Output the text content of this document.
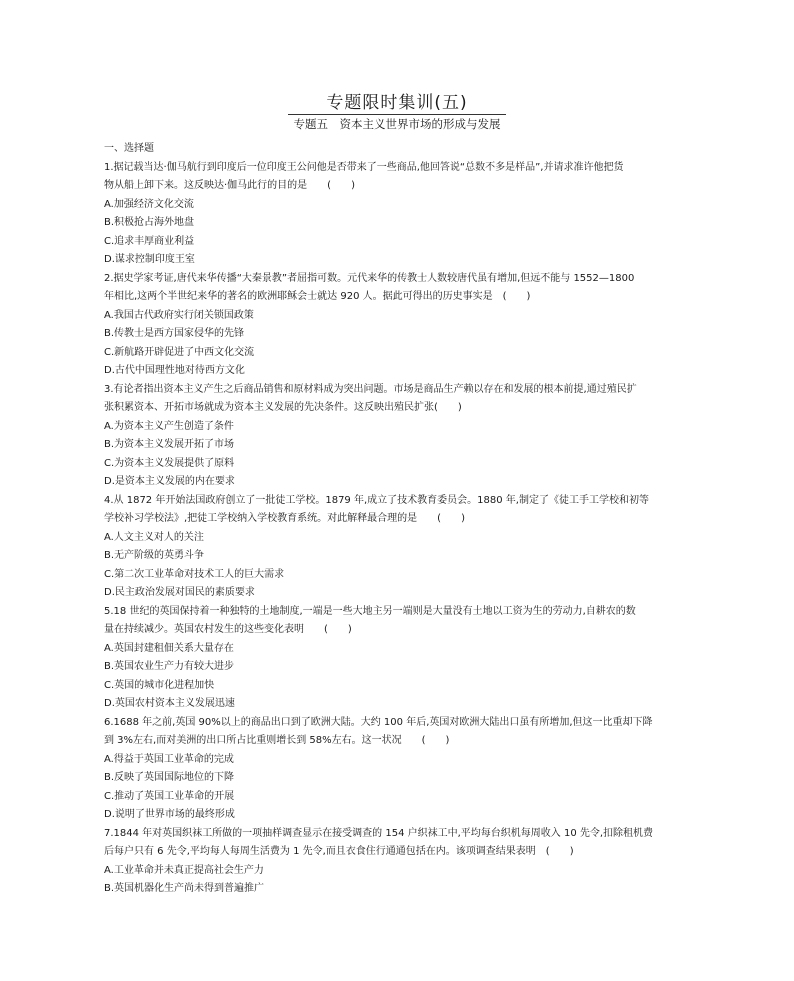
专题限时集训(五)
专题五　资本主义世界市场的形成与发展
一、选择题
1.据记载当达·伽马航行到印度后一位印度王公问他是否带来了一些商品,他回答说“总数不多是样品”,并请求准许他把货
物从船上卸下来。这反映达·伽马此行的目的是　　(　　)
A.加强经济文化交流
B.积极抢占海外地盘
C.追求丰厚商业利益
D.谋求控制印度王室
2.据史学家考证,唐代来华传播“大秦景教”者屈指可数。元代来华的传教士人数较唐代虽有增加,但远不能与 1552—1800
年相比,这两个半世纪来华的著名的欧洲耶稣会士就达 920 人。据此可得出的历史事实是　(　　)
A.我国古代政府实行闭关锁国政策
B.传教士是西方国家侵华的先锋
C.新航路开辟促进了中西文化交流
D.古代中国理性地对待西方文化
3.有论者指出资本主义产生之后商品销售和原材料成为突出问题。市场是商品生产赖以存在和发展的根本前提,通过殖民扩
张积累资本、开拓市场就成为资本主义发展的先决条件。这反映出殖民扩张(　　)
A.为资本主义产生创造了条件
B.为资本主义发展开拓了市场
C.为资本主义发展提供了原料
D.是资本主义发展的内在要求
4.从 1872 年开始法国政府创立了一批徒工学校。1879 年,成立了技术教育委员会。1880 年,制定了《徒工手工学校和初等
学校补习学校法》,把徒工学校纳入学校教育系统。对此解释最合理的是　　(　　)
A.人文主义对人的关注
B.无产阶级的英勇斗争
C.第二次工业革命对技术工人的巨大需求
D.民主政治发展对国民的素质要求
5.18 世纪的英国保持着一种独特的土地制度,一端是一些大地主另一端则是大量没有土地以工资为生的劳动力,自耕农的数
量在持续减少。英国农村发生的这些变化表明　　(　　)
A.英国封建租佃关系大量存在
B.英国农业生产力有较大进步
C.英国的城市化进程加快
D.英国农村资本主义发展迅速
6.1688 年之前,英国 90%以上的商品出口到了欧洲大陆。大约 100 年后,英国对欧洲大陆出口虽有所增加,但这一比重却下降
到 3%左右,而对美洲的出口所占比重则增长到 58%左右。这一状况　　(　　)
A.得益于英国工业革命的完成
B.反映了英国国际地位的下降
C.推动了英国工业革命的开展
D.说明了世界市场的最终形成
7.1844 年对英国织袜工所做的一项抽样调查显示在接受调查的 154 户织袜工中,平均每台织机每周收入 10 先令,扣除租机费
后每户只有 6 先令,平均每人每周生活费为 1 先令,而且衣食住行通通包括在内。该项调查结果表明　(　　)
A.工业革命并未真正提高社会生产力
B.英国机器化生产尚未得到普遍推广
